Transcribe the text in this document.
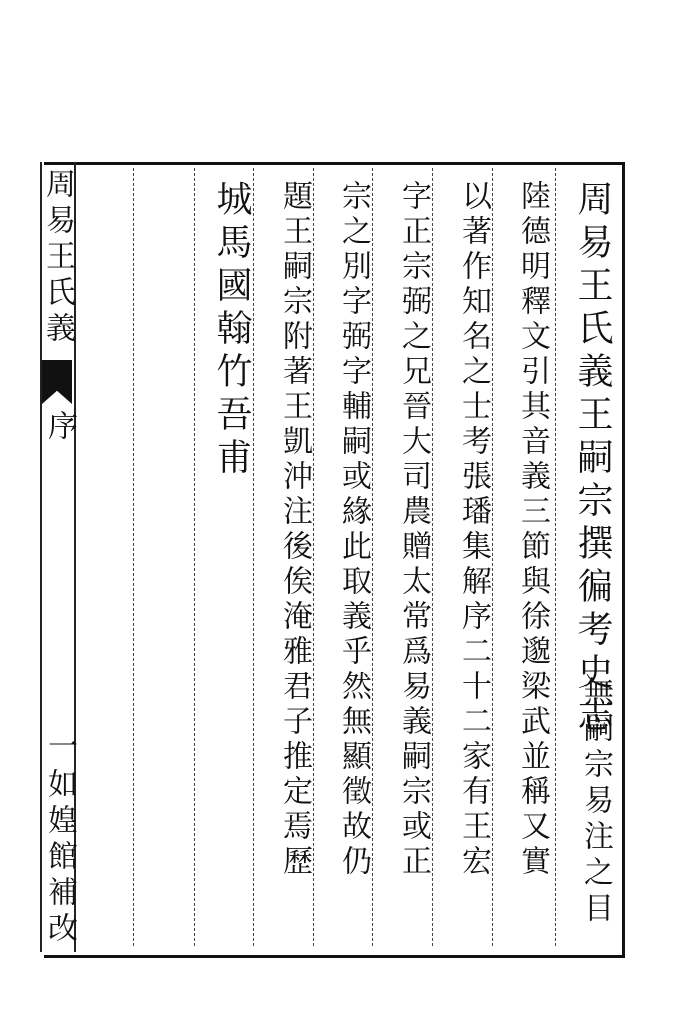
周易王氏義
序
一
如媓館補改
周易王氏義王嗣宗撰徧考史志
無嗣宗易注之目
陸德明釋文引其音義三節與徐邈梁武並稱又實
以著作知名之士考張璠集解序二十二家有王宏
字正宗弼之兄晉大司農贈太常爲易義嗣宗或正
宗之別字弼字輔嗣或緣此取義乎然無顯徵故仍
題王嗣宗附著王凱沖注後俟淹雅君子推定焉歷
城馬國翰竹吾甫
